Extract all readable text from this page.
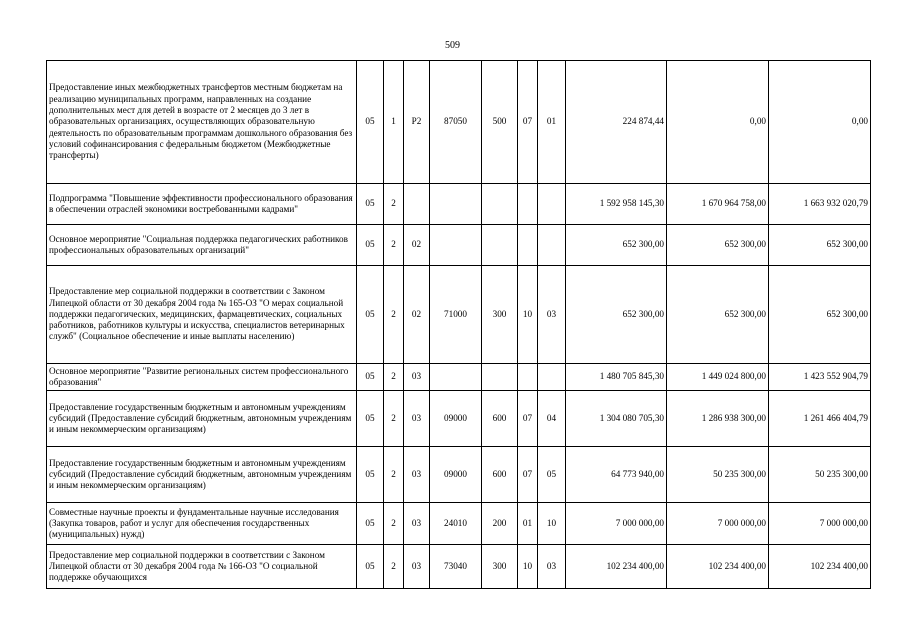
509
Предоставление иных межбюджетных трансфертов местным бюджетам на реализацию муниципальных программ, направленных на создание дополнительных мест для детей в возрасте от 2 месяцев до 3 лет в образовательных организациях, осуществляющих образовательную деятельность по образовательным программам дошкольного образования без условий софинансирования с федеральным бюджетом (Межбюджетные трансферты)	05	1	P2	87050	500	07	01	224 874,44	0,00	0,00
Подпрограмма "Повышение эффективности профессионального образования в обеспечении отраслей экономики востребованными кадрами"	05	2						1 592 958 145,30	1 670 964 758,00	1 663 932 020,79
Основное мероприятие "Социальная поддержка педагогических работников профессиональных образовательных организаций"	05	2	02					652 300,00	652 300,00	652 300,00
Предоставление мер социальной поддержки в соответствии с Законом Липецкой области от 30 декабря 2004 года № 165-ОЗ "О мерах социальной поддержки педагогических, медицинских, фармацевтических, социальных работников, работников культуры и искусства, специалистов ветеринарных служб" (Социальное обеспечение и иные выплаты населению)	05	2	02	71000	300	10	03	652 300,00	652 300,00	652 300,00
Основное мероприятие "Развитие региональных систем профессионального образования"	05	2	03					1 480 705 845,30	1 449 024 800,00	1 423 552 904,79
Предоставление государственным бюджетным и автономным учреждениям субсидий (Предоставление субсидий бюджетным, автономным учреждениям и иным некоммерческим организациям)	05	2	03	09000	600	07	04	1 304 080 705,30	1 286 938 300,00	1 261 466 404,79
Предоставление государственным бюджетным и автономным учреждениям субсидий (Предоставление субсидий бюджетным, автономным учреждениям и иным некоммерческим организациям)	05	2	03	09000	600	07	05	64 773 940,00	50 235 300,00	50 235 300,00
Совместные научные проекты и фундаментальные научные исследования (Закупка товаров, работ и услуг для обеспечения государственных (муниципальных) нужд)	05	2	03	24010	200	01	10	7 000 000,00	7 000 000,00	7 000 000,00
Предоставление мер социальной поддержки в соответствии с Законом Липецкой области от 30 декабря 2004 года № 166-ОЗ "О социальной поддержке обучающихся	05	2	03	73040	300	10	03	102 234 400,00	102 234 400,00	102 234 400,00
